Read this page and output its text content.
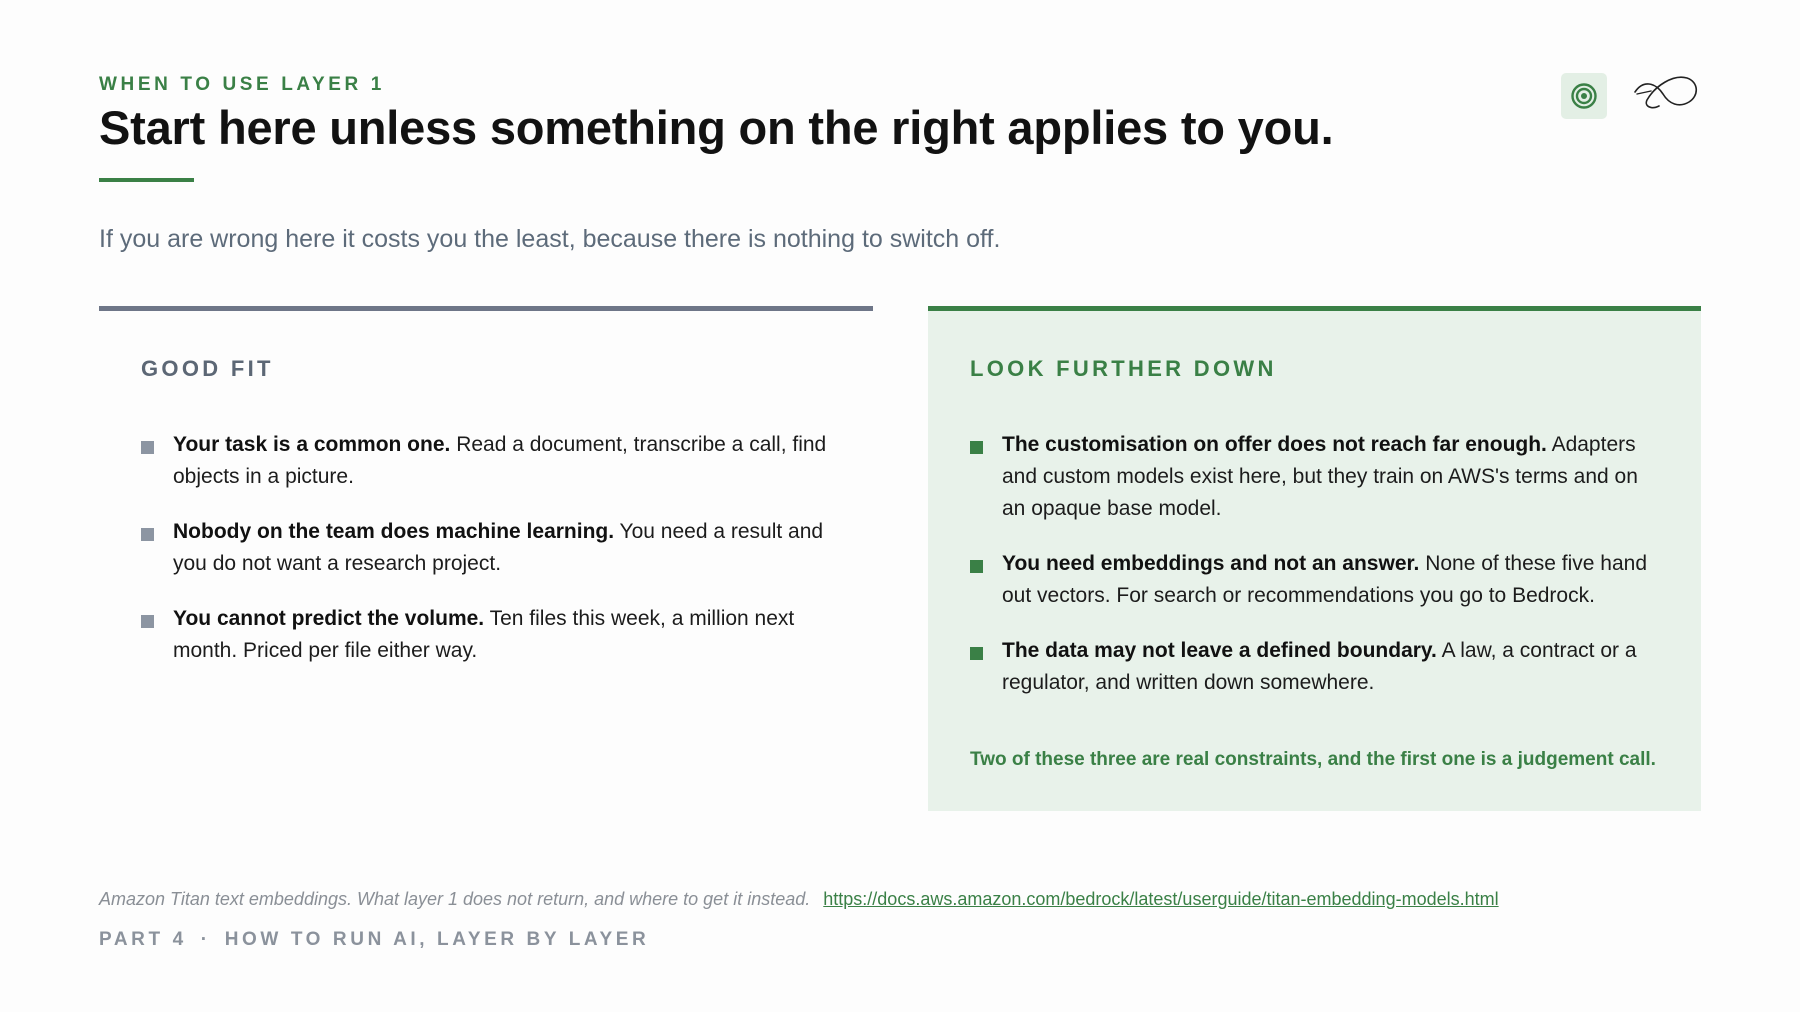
WHEN TO USE LAYER 1
Start here unless something on the right applies to you.

If you are wrong here it costs you the least, because there is nothing to switch off.

GOOD FIT
Your task is a common one. Read a document, transcribe a call, find objects in a picture.
Nobody on the team does machine learning. You need a result and you do not want a research project.
You cannot predict the volume. Ten files this week, a million next month. Priced per file either way.
LOOK FURTHER DOWN
The customisation on offer does not reach far enough. Adapters and custom models exist here, but they train on AWS's terms and on an opaque base model.
You need embeddings and not an answer. None of these five hand out vectors. For search or recommendations you go to Bedrock.
The data may not leave a defined boundary. A law, a contract or a regulator, and written down somewhere.

Two of these three are real constraints, and the first one is a judgement call.

Amazon Titan text embeddings. What layer 1 does not return, and where to get it instead. https://docs.aws.amazon.com/bedrock/latest/userguide/titan-embedding-models.html
PART 4 · HOW TO RUN AI, LAYER BY LAYER
